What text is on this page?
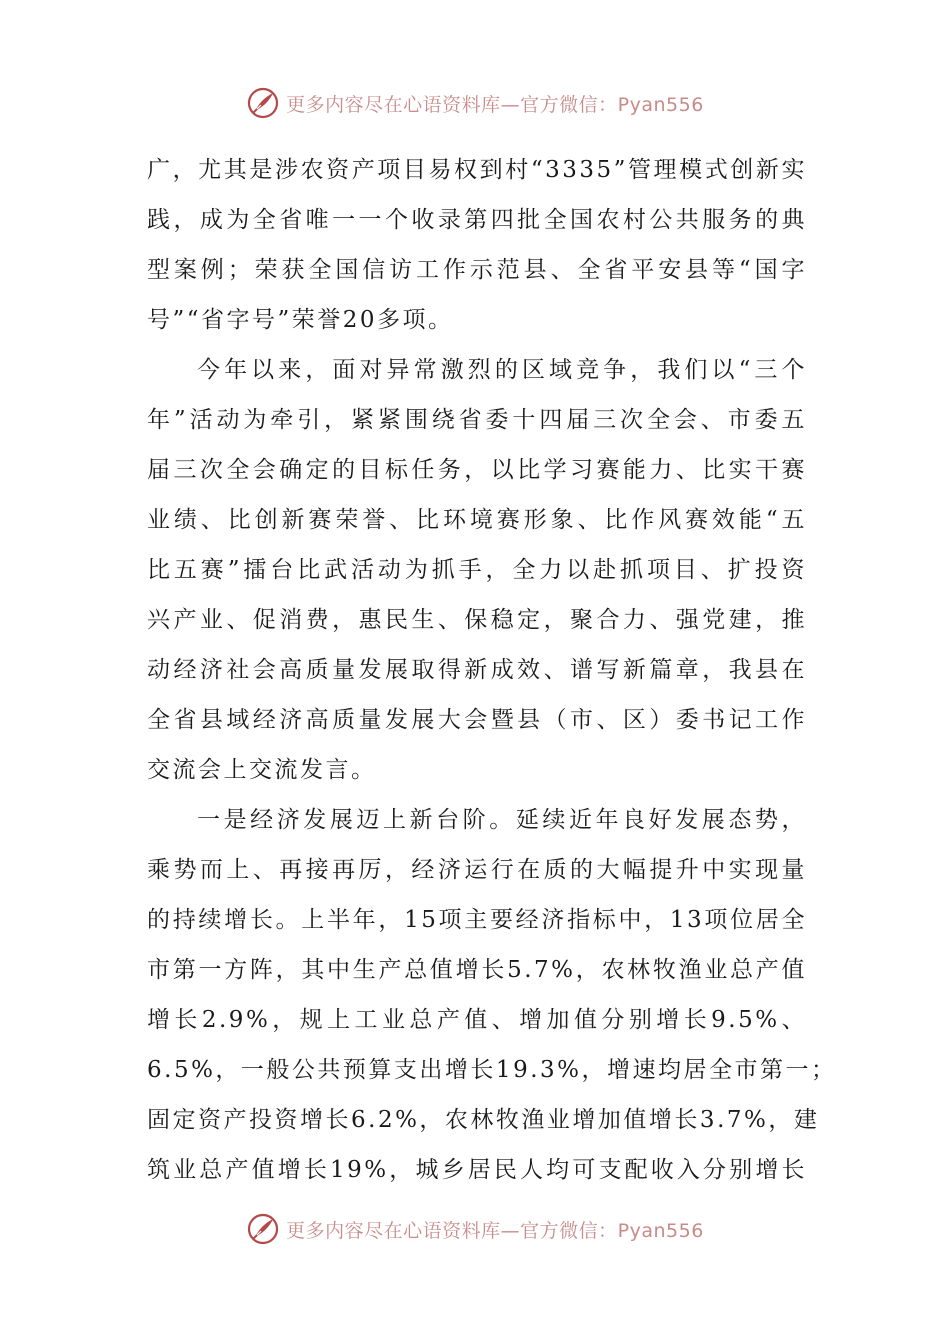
更多内容尽在心语资料库—官方微信：Pyan556
广，尤其是涉农资产项目易权到村“3335”管理模式创新实
践，成为全省唯一一个收录第四批全国农村公共服务的典
型案例；荣获全国信访工作示范县、全省平安县等“国字
号”“省字号”荣誉20多项。
今年以来，面对异常激烈的区域竞争，我们以“三个
年”活动为牵引，紧紧围绕省委十四届三次全会、市委五
届三次全会确定的目标任务，以比学习赛能力、比实干赛
业绩、比创新赛荣誉、比环境赛形象、比作风赛效能“五
比五赛”擂台比武活动为抓手，全力以赴抓项目、扩投资
兴产业、促消费，惠民生、保稳定，聚合力、强党建，推
动经济社会高质量发展取得新成效、谱写新篇章，我县在
全省县域经济高质量发展大会暨县（市、区）委书记工作
交流会上交流发言。
一是经济发展迈上新台阶。延续近年良好发展态势，
乘势而上、再接再厉，经济运行在质的大幅提升中实现量
的持续增长。上半年，15项主要经济指标中，13项位居全
市第一方阵，其中生产总值增长5.7%，农林牧渔业总产值
增长2.9%，规上工业总产值、增加值分别增长9.5%、
6.5%，一般公共预算支出增长19.3%，增速均居全市第一；
固定资产投资增长6.2%，农林牧渔业增加值增长3.7%，建
筑业总产值增长19%，城乡居民人均可支配收入分别增长
更多内容尽在心语资料库—官方微信：Pyan556
